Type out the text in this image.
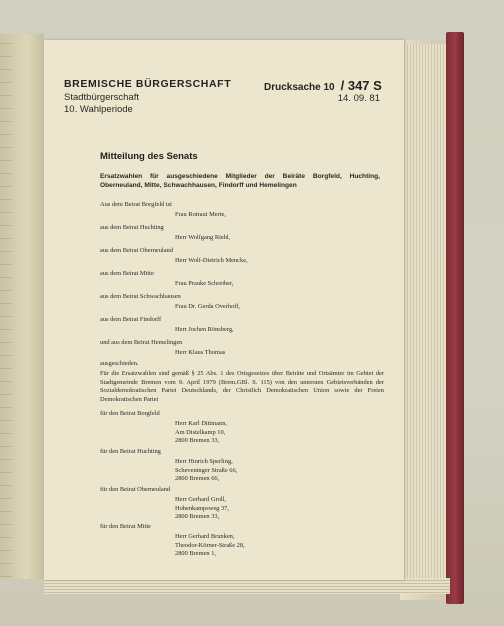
BREMISCHE BÜRGERSCHAFT
Stadtbürgerschaft
10. Wahlperiode
Drucksache 10 / 347 S
14. 09. 81
Mitteilung des Senats
Ersatzwahlen für ausgeschiedene Mitglieder der Beiräte Borgfeld, Huchting, Oberneuland, Mitte, Schwachhausen, Findorff und Hemelingen
Aus dem Beirat Borgfeld ist
Frau Rotraut Merte,
aus dem Beirat Huchting
Herr Wolfgang Riehl,
aus dem Beirat Oberneuland
Herr Wolf-Dietrich Mencke,
aus dem Beirat Mitte
Frau Prauke Schreiber,
aus dem Beirat Schwachhausen
Frau Dr. Gerda Overhoff,
aus dem Beirat Findorff
Herr Jochen Rönsberg,
und aus dem Beirat Hemelingen
Herr Klaus Thomas
ausgeschieden.
Für die Ersatzwahlen sind gemäß § 25 Abs. 1 des Ortsgesetzes über Beiräte und Ortsämter im Gebiet der Stadtgemeinde Bremen vom 9. April 1979 (Brem.GBl. S. 115) von den untersten Gebietsverbänden der Sozialdemokratischen Partei Deutschlands, der Christlich Demokratischen Union sowie der Freien Demokratischen Partei
für den Beirat Borgfeld
Herr Karl Dittmann,
Am Distelkamp 10,
2800 Bremen 33,
für den Beirat Huchting
Herr Hinrich Sperling,
Scheveninger Straße 66,
2800 Bremen 66,
für den Beirat Oberneuland
Herr Gerhard Groll,
Hohenkampsweg 37,
2800 Bremen 33,
für den Beirat Mitte
Herr Gerhard Brunken,
Theodor-Körner-Straße 28,
2800 Bremen 1,
